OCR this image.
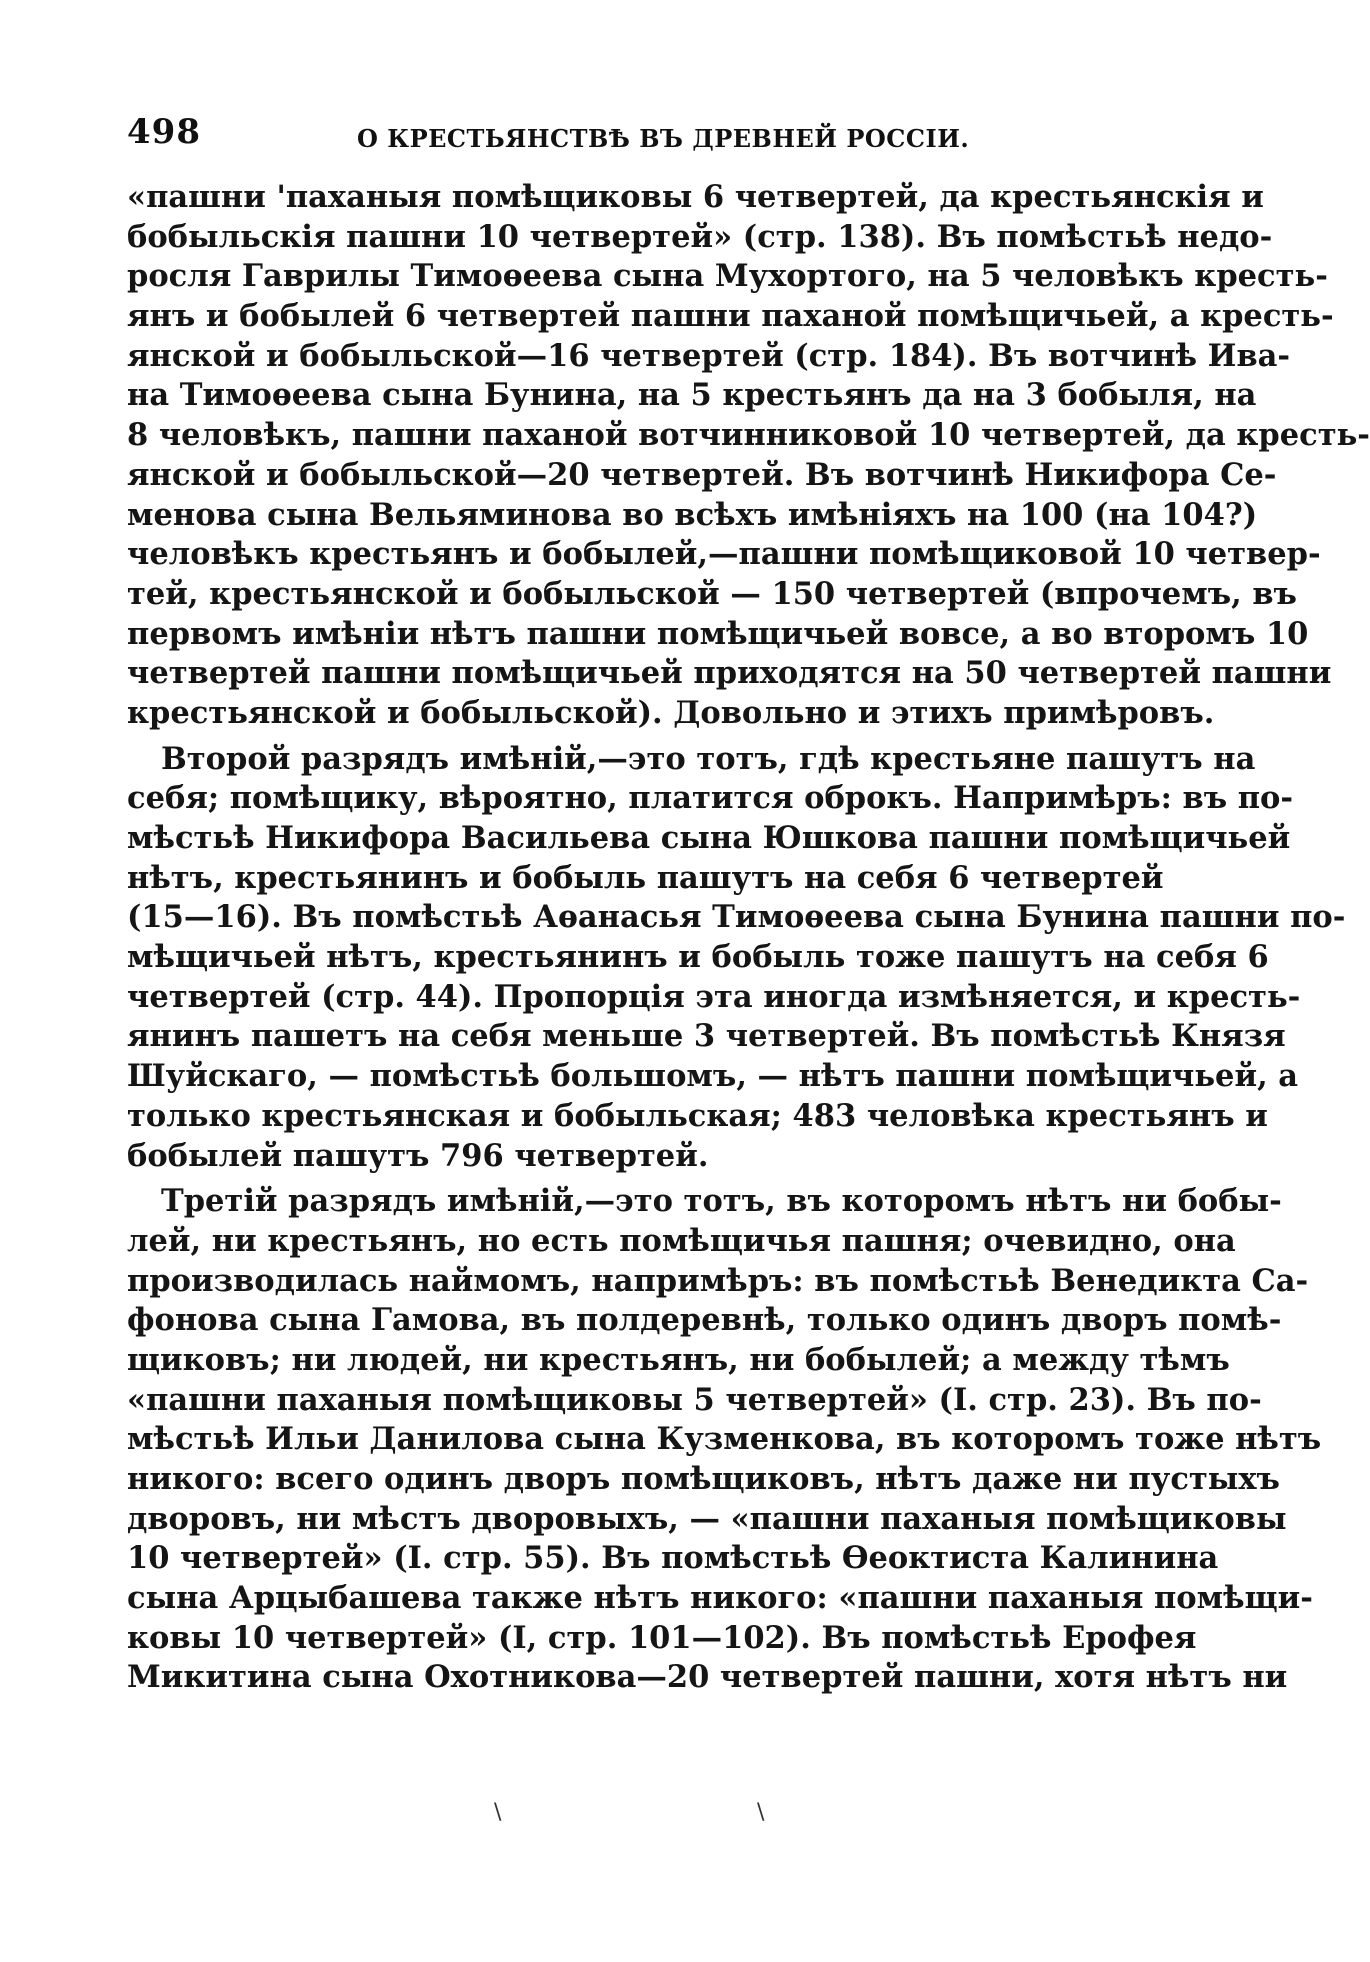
498	О КРЕСТЬЯНСТВѢ ВЪ ДРЕВНЕЙ РОССІИ.
«пашни 'паханыя помѣщиковы 6 четвертей, да крестьянскія и
бобыльскія пашни 10 четвертей» (стр. 138). Въ помѣстьѣ недо-
росля Гаврилы Тимоѳеева сына Мухортого, на 5 человѣкъ кресть-
янъ и бобылей 6 четвертей пашни паханой помѣщичьей, а кресть-
янской и бобыльской—16 четвертей (стр. 184). Въ вотчинѣ Ива-
на Тимоѳеева сына Бунина, на 5 крестьянъ да на 3 бобыля, на
8 человѣкъ, пашни паханой вотчинниковой 10 четвертей, да кресть-
янской и бобыльской—20 четвертей. Въ вотчинѣ Никифора Се-
менова сына Вельяминова во всѣхъ имѣніяхъ на 100 (на 104?)
человѣкъ крестьянъ и бобылей,—пашни помѣщиковой 10 четвер-
тей, крестьянской и бобыльской — 150 четвертей (впрочемъ, въ
первомъ имѣніи нѣтъ пашни помѣщичьей вовсе, а во второмъ 10
четвертей пашни помѣщичьей приходятся на 50 четвертей пашни
крестьянской и бобыльской). Довольно и этихъ примѣровъ.
Второй разрядъ имѣній,—это тотъ, гдѣ крестьяне пашутъ на
себя; помѣщику, вѣроятно, платится оброкъ. Напримѣръ: въ по-
мѣстьѣ Никифора Васильева сына Юшкова пашни помѣщичьей
нѣтъ, крестьянинъ и бобыль пашутъ на себя 6 четвертей
(15—16). Въ помѣстьѣ Аѳанасья Тимоѳеева сына Бунина пашни по-
мѣщичьей нѣтъ, крестьянинъ и бобыль тоже пашутъ на себя 6
четвертей (стр. 44). Пропорція эта иногда измѣняется, и кресть-
янинъ пашетъ на себя меньше 3 четвертей. Въ помѣстьѣ Князя
Шуйскаго, — помѣстьѣ большомъ, — нѣтъ пашни помѣщичьей, а
только крестьянская и бобыльская; 483 человѣка крестьянъ и
бобылей пашутъ 796 четвертей.
Третій разрядъ имѣній,—это тотъ, въ которомъ нѣтъ ни бобы-
лей, ни крестьянъ, но есть помѣщичья пашня; очевидно, она
производилась наймомъ, напримѣръ: въ помѣстьѣ Венедикта Са-
фонова сына Гамова, въ полдеревнѣ, только одинъ дворъ помѣ-
щиковъ; ни людей, ни крестьянъ, ни бобылей; а между тѣмъ
«пашни паханыя помѣщиковы 5 четвертей» (I. стр. 23). Въ по-
мѣстьѣ Ильи Данилова сына Кузменкова, въ которомъ тоже нѣтъ
никого: всего одинъ дворъ помѣщиковъ, нѣтъ даже ни пустыхъ
дворовъ, ни мѣстъ дворовыхъ, — «пашни паханыя помѣщиковы
10 четвертей» (I. стр. 55). Въ помѣстьѣ Ѳеоктиста Калинина
сына Арцыбашева также нѣтъ никого: «пашни паханыя помѣщи-
ковы 10 четвертей» (I, стр. 101—102). Въ помѣстьѣ Ерофея
Микитина сына Охотникова—20 четвертей пашни, хотя нѣтъ ни
\	\
